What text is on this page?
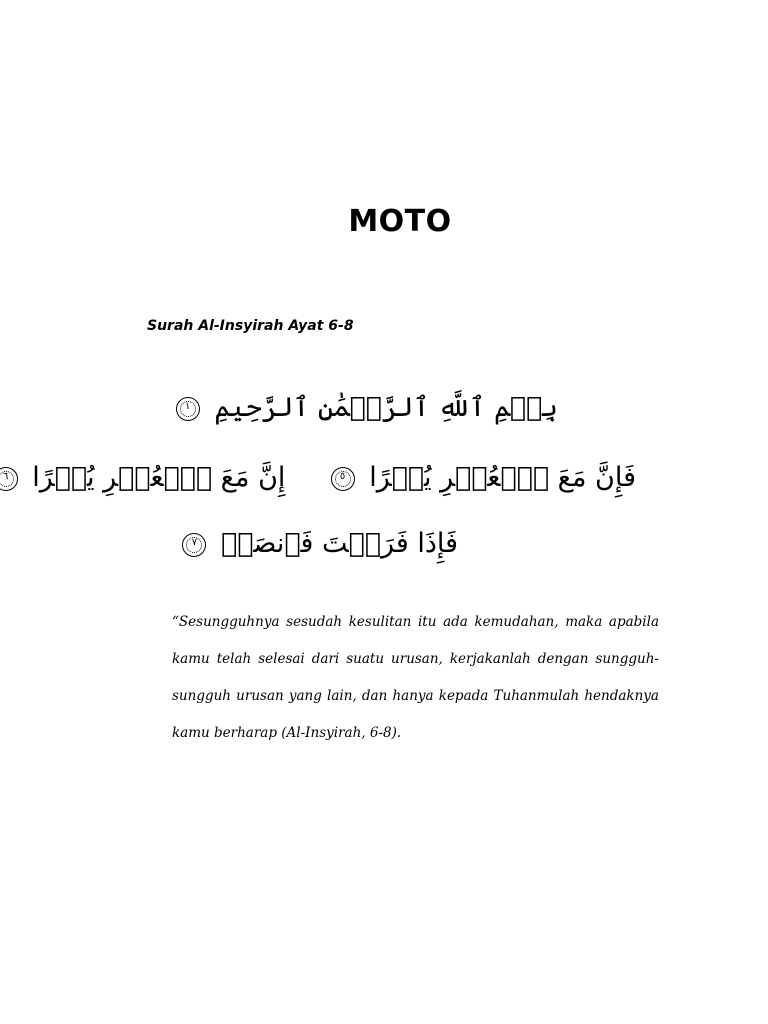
MOTO

Surah Al-Insyirah Ayat 6-8

بِسۡمِ ٱللَّهِ ٱلرَّحۡمَٰنِ ٱلرَّحِيمِ
١
فَإِنَّ مَعَ ٱلۡعُسۡرِ يُسۡرًا
٥
إِنَّ مَعَ ٱلۡعُسۡرِ يُسۡرًا
٦
فَإِذَا فَرَغۡتَ فَٱنصَبۡ
٧

“Sesungguhnya sesudah kesulitan itu ada kemudahan, maka apabila kamu telah selesai dari suatu urusan, kerjakanlah dengan sungguh-sungguh urusan yang lain, dan hanya kepada Tuhanmulah hendaknya kamu berharap (Al-Insyirah, 6-8).
